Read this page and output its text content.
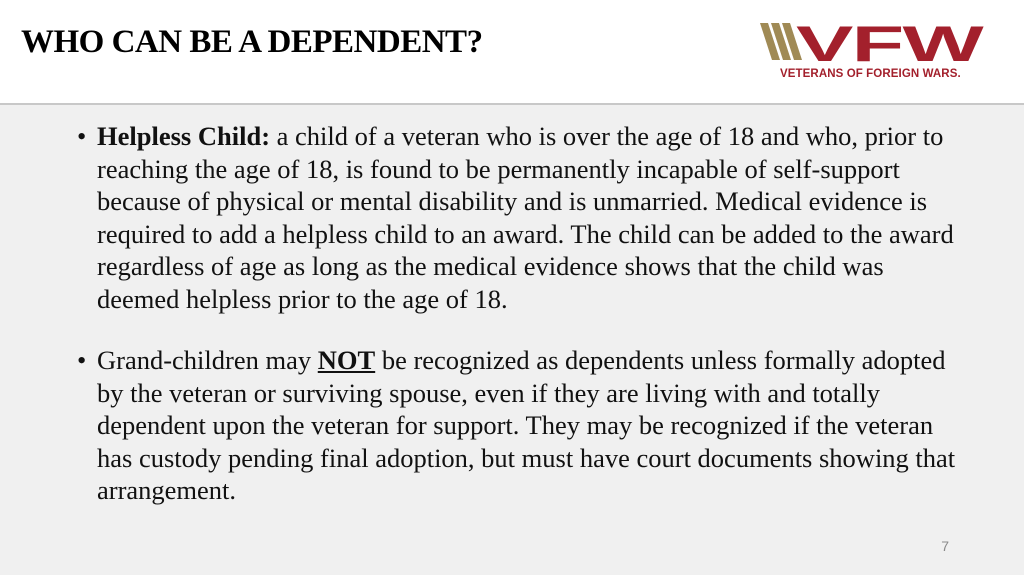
WHO CAN BE A DEPENDENT?	VFW
VETERANS OF FOREIGN WARS.
• Helpless Child: a child of a veteran who is over the age of 18 and who, prior to reaching the age of 18, is found to be permanently incapable of self-support because of physical or mental disability and is unmarried. Medical evidence is required to add a helpless child to an award. The child can be added to the award regardless of age as long as the medical evidence shows that the child was deemed helpless prior to the age of 18.
• Grand-children may NOT be recognized as dependents unless formally adopted by the veteran or surviving spouse, even if they are living with and totally dependent upon the veteran for support. They may be recognized if the veteran has custody pending final adoption, but must have court documents showing that arrangement.
7
